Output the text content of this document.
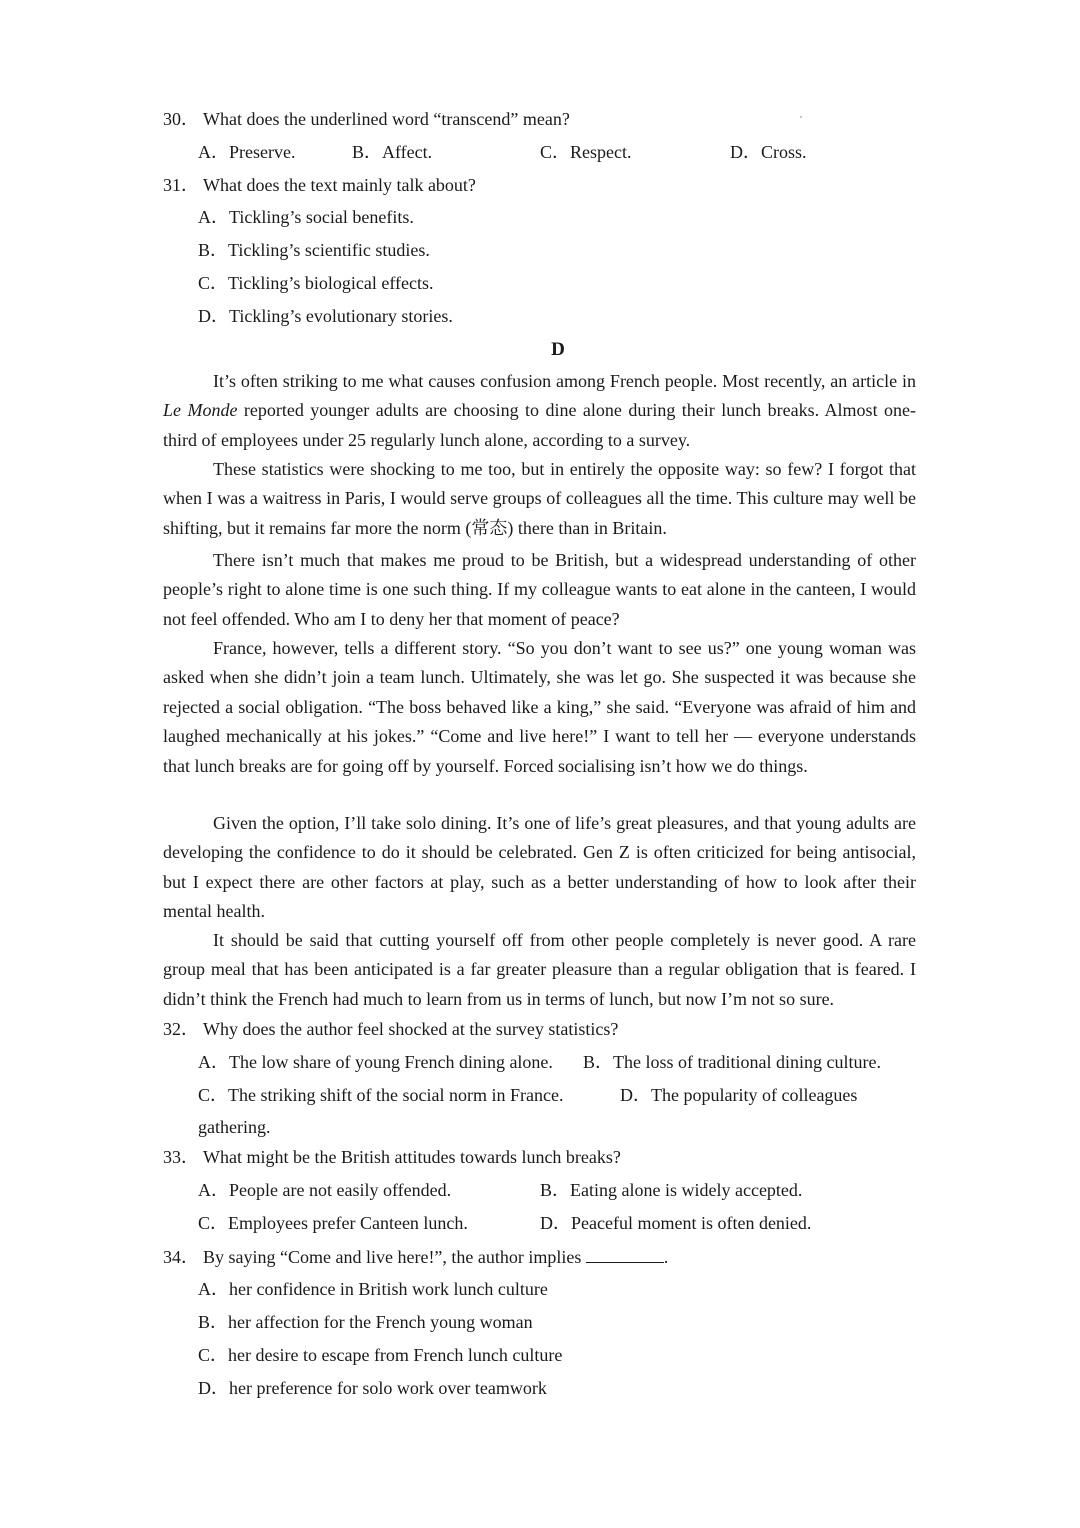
30． What does the underlined word “transcend” mean?
A．Preserve.	B．Affect.	C．Respect.	D．Cross.
31． What does the text mainly talk about?
A．Tickling’s social benefits.
B．Tickling’s scientific studies.
C．Tickling’s biological effects.
D．Tickling’s evolutionary stories.
D

It’s often striking to me what causes confusion among French people. Most recently, an article in Le Monde reported younger adults are choosing to dine alone during their lunch breaks. Almost one-third of employees under 25 regularly lunch alone, according to a survey.

These statistics were shocking to me too, but in entirely the opposite way: so few? I forgot that when I was a waitress in Paris, I would serve groups of colleagues all the time. This culture may well be shifting, but it remains far more the norm (常态) there than in Britain.

There isn’t much that makes me proud to be British, but a widespread understanding of other people’s right to alone time is one such thing. If my colleague wants to eat alone in the canteen, I would not feel offended. Who am I to deny her that moment of peace?

France, however, tells a different story. “So you don’t want to see us?” one young woman was asked when she didn’t join a team lunch. Ultimately, she was let go. She suspected it was because she rejected a social obligation. “The boss behaved like a king,” she said. “Everyone was afraid of him and laughed mechanically at his jokes.” “Come and live here!” I want to tell her — everyone understands that lunch breaks are for going off by yourself. Forced socialising isn’t how we do things.

Given the option, I’ll take solo dining. It’s one of life’s great pleasures, and that young adults are developing the confidence to do it should be celebrated. Gen Z is often criticized for being antisocial, but I expect there are other factors at play, such as a better understanding of how to look after their mental health.

It should be said that cutting yourself off from other people completely is never good. A rare group meal that has been anticipated is a far greater pleasure than a regular obligation that is feared. I didn’t think the French had much to learn from us in terms of lunch, but now I’m not so sure.

32． Why does the author feel shocked at the survey statistics?
A．The low share of young French dining alone. B．The loss of traditional dining culture.
C．The striking shift of the social norm in France.	D．The popularity of colleagues
gathering.
33． What might be the British attitudes towards lunch breaks?
A．People are not easily offended.	B．Eating alone is widely accepted.
C．Employees prefer Canteen lunch.	D．Peaceful moment is often denied.
34． By saying “Come and live here!”, the author implies	.
A．her confidence in British work lunch culture
B．her affection for the French young woman
C．her desire to escape from French lunch culture
D．her preference for solo work over teamwork
